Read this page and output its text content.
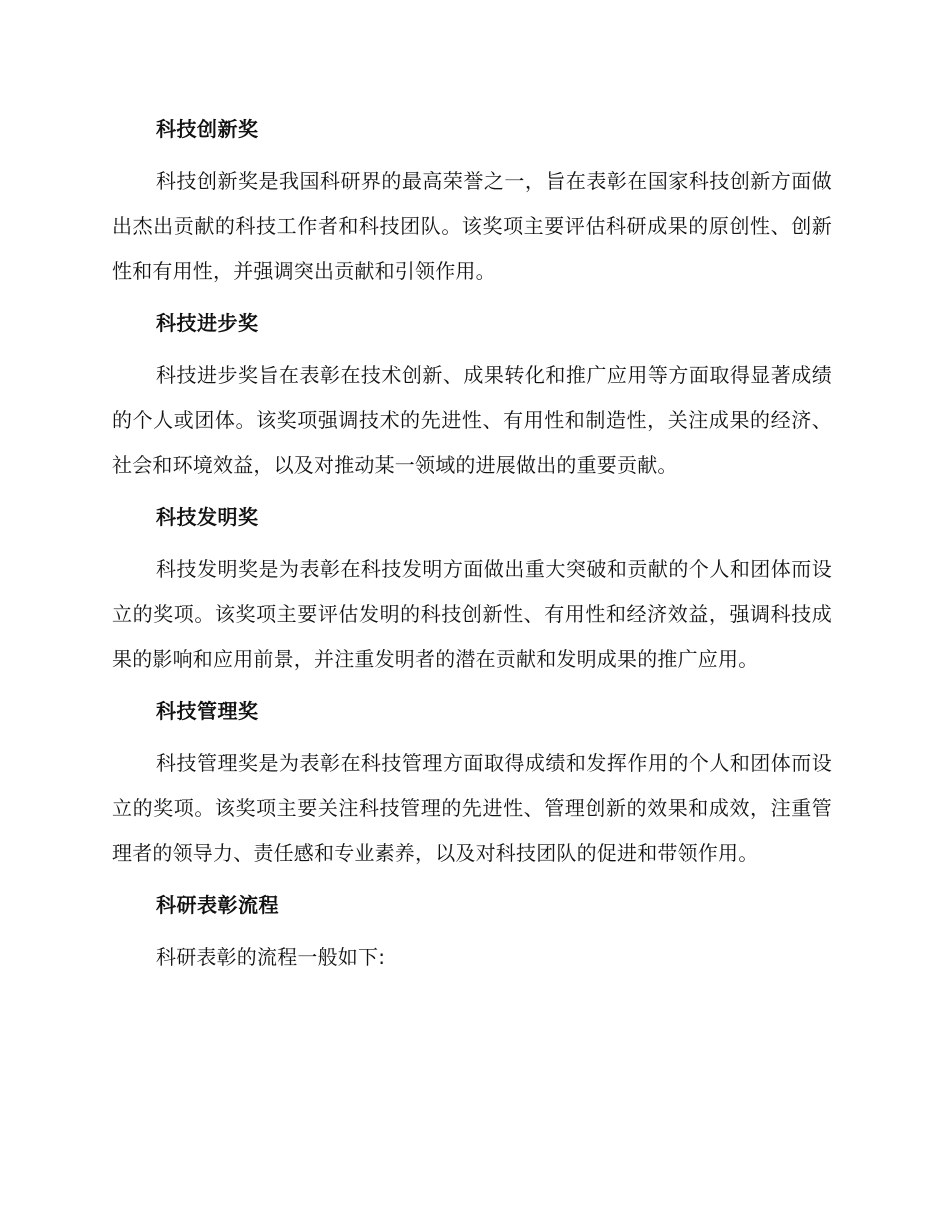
科技创新奖

科技创新奖是我国科研界的最高荣誉之一，旨在表彰在国家科技创新方面做出杰出贡献的科技工作者和科技团队。该奖项主要评估科研成果的原创性、创新性和有用性，并强调突出贡献和引领作用。

科技进步奖

科技进步奖旨在表彰在技术创新、成果转化和推广应用等方面取得显著成绩的个人或团体。该奖项强调技术的先进性、有用性和制造性，关注成果的经济、社会和环境效益，以及对推动某一领域的进展做出的重要贡献。

科技发明奖

科技发明奖是为表彰在科技发明方面做出重大突破和贡献的个人和团体而设立的奖项。该奖项主要评估发明的科技创新性、有用性和经济效益，强调科技成果的影响和应用前景，并注重发明者的潜在贡献和发明成果的推广应用。

科技管理奖

科技管理奖是为表彰在科技管理方面取得成绩和发挥作用的个人和团体而设立的奖项。该奖项主要关注科技管理的先进性、管理创新的效果和成效，注重管理者的领导力、责任感和专业素养，以及对科技团队的促进和带领作用。

科研表彰流程

科研表彰的流程一般如下:
